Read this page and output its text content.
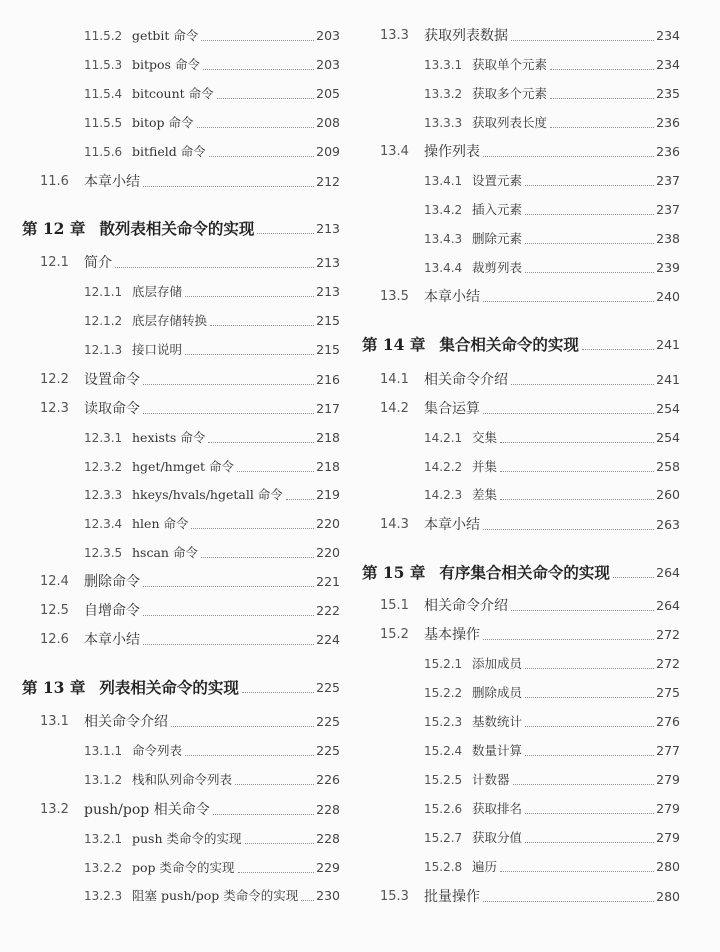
11.5.2 getbit 命令	203
11.5.3 bitpos 命令	203
11.5.4 bitcount 命令	205
11.5.5 bitop 命令	208
11.5.6 bitfield 命令	209
11.6	本章小结	212
第 12 章 散列表相关命令的实现	213
12.1	简介	213
12.1.1 底层存储	213
12.1.2 底层存储转换	215
12.1.3 接口说明	215
12.2	设置命令	216
12.3	读取命令	217
12.3.1 hexists 命令	218
12.3.2 hget/hmget 命令	218
12.3.3 hkeys/hvals/hgetall 命令	219
12.3.4 hlen 命令	220
12.3.5 hscan 命令	220
12.4	删除命令	221
12.5	自增命令	222
12.6	本章小结	224
第 13 章 列表相关命令的实现	225
13.1	相关命令介绍	225
13.1.1 命令列表	225
13.1.2 栈和队列命令列表	226
13.2	push/pop 相关命令	228
13.2.1 push 类命令的实现	228
13.2.2 pop 类命令的实现	229
13.2.3 阻塞 push/pop 类命令的实现 230
13.3	获取列表数据	234
13.3.1 获取单个元素	234
13.3.2 获取多个元素	235
13.3.3 获取列表长度	236
13.4	操作列表	236
13.4.1 设置元素	237
13.4.2 插入元素	237
13.4.3 删除元素	238
13.4.4 裁剪列表	239
13.5	本章小结	240
第 14 章 集合相关命令的实现	241
14.1	相关命令介绍	241
14.2	集合运算	254
14.2.1 交集	254
14.2.2 并集	258
14.2.3 差集	260
14.3	本章小结	263
第 15 章 有序集合相关命令的实现	264
15.1	相关命令介绍	264
15.2	基本操作	272
15.2.1 添加成员	272
15.2.2 删除成员	275
15.2.3 基数统计	276
15.2.4 数量计算	277
15.2.5 计数器	279
15.2.6 获取排名	279
15.2.7 获取分值	279
15.2.8 遍历	280
15.3	批量操作	280
